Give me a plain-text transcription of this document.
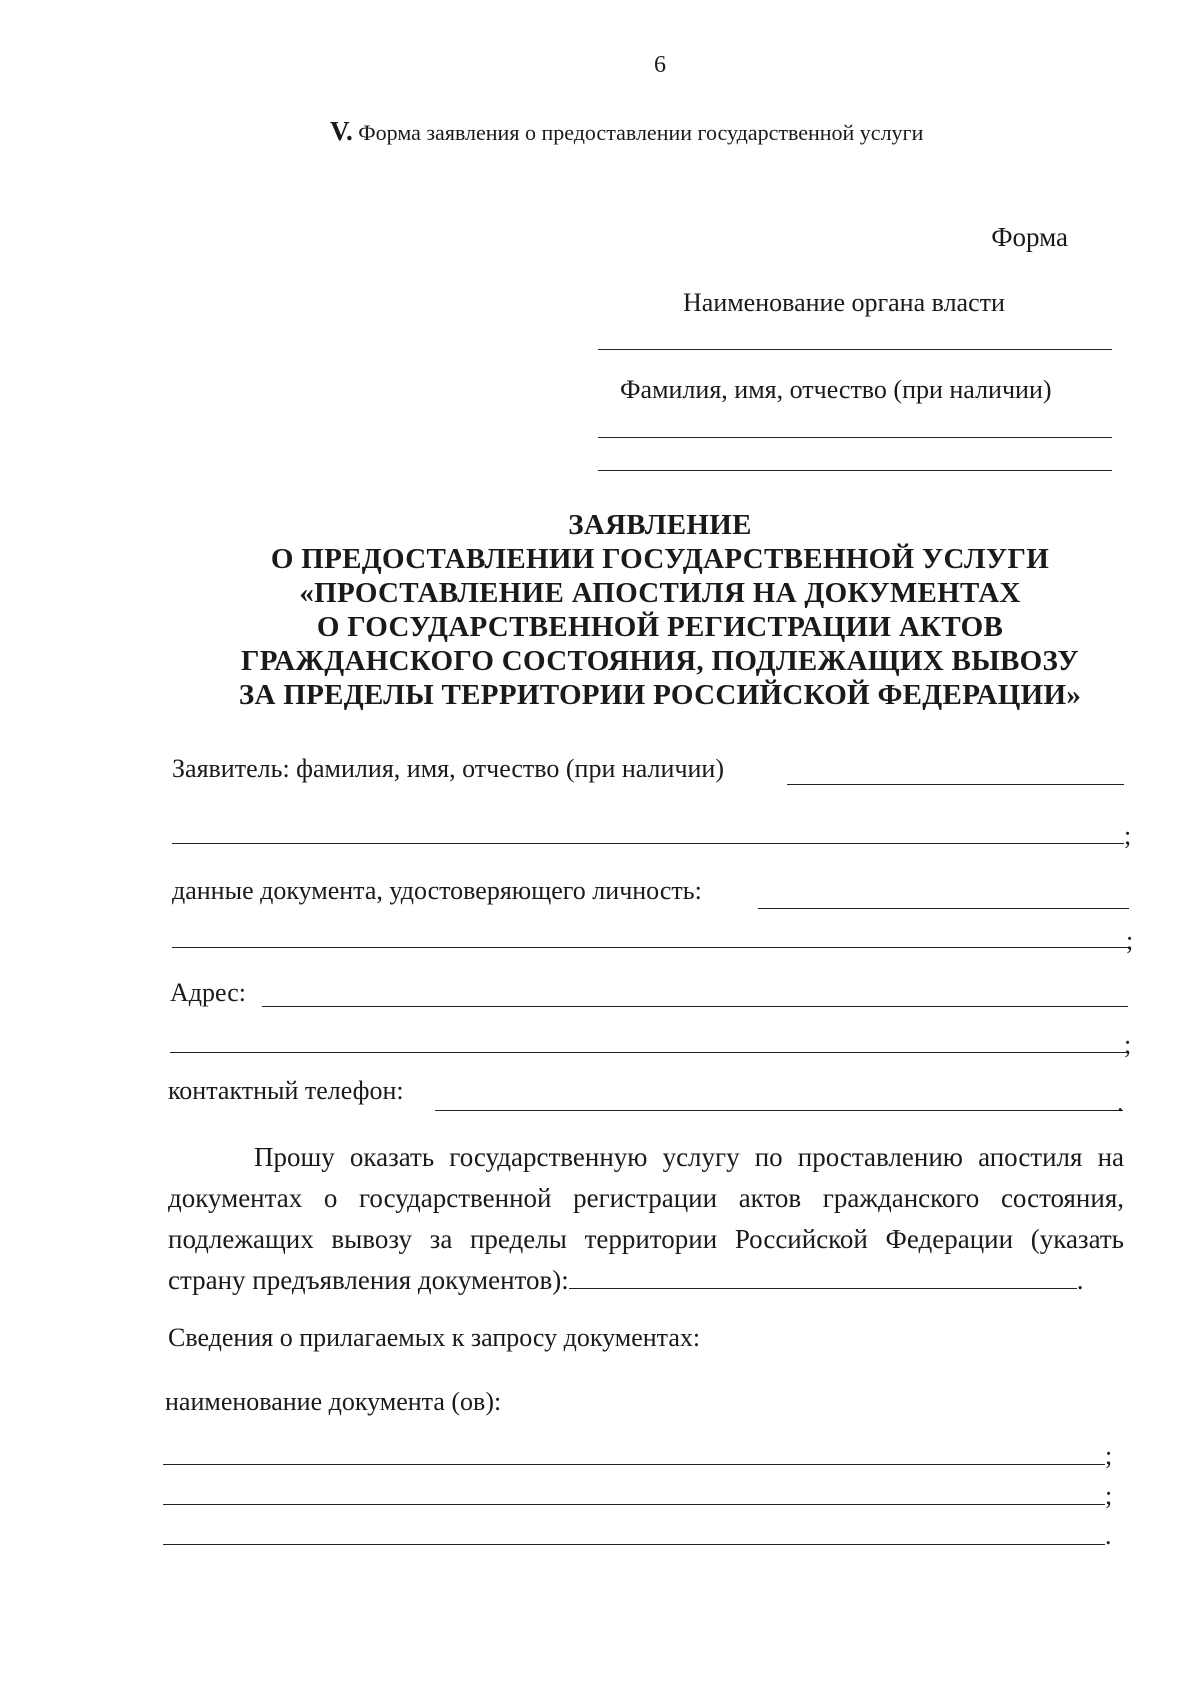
6
V. Форма заявления о предоставлении государственной услуги
Форма
Наименование органа власти
Фамилия, имя, отчество (при наличии)
ЗАЯВЛЕНИЕ
О ПРЕДОСТАВЛЕНИИ ГОСУДАРСТВЕННОЙ УСЛУГИ
«ПРОСТАВЛЕНИЕ АПОСТИЛЯ НА ДОКУМЕНТАХ
О ГОСУДАРСТВЕННОЙ РЕГИСТРАЦИИ АКТОВ
ГРАЖДАНСКОГО СОСТОЯНИЯ, ПОДЛЕЖАЩИХ ВЫВОЗУ
ЗА ПРЕДЕЛЫ ТЕРРИТОРИИ РОССИЙСКОЙ ФЕДЕРАЦИИ»
Заявитель: фамилия, имя, отчество (при наличии)
;
данные документа, удостоверяющего личность:
;
Адрес:
;
контактный телефон:	.
Прошу оказать государственную услугу по проставлению апостиля на документах о государственной регистрации актов гражданского состояния, подлежащих вывозу за пределы территории Российской Федерации (указать страну предъявления документов):	.
Сведения о прилагаемых к запросу документах:
наименование документа (ов):
;
;
.
